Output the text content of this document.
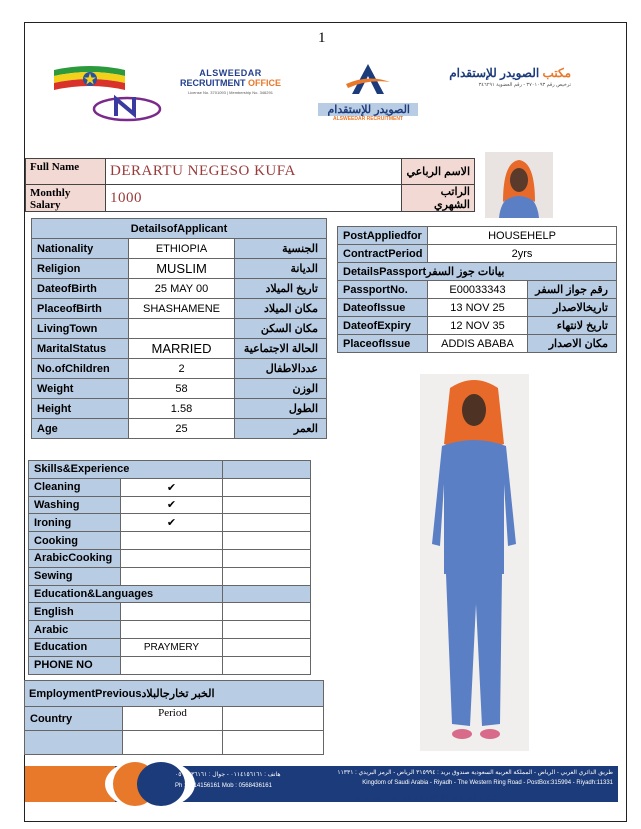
1
ALSWEEDAR
RECRUITMENT OFFICE
License No. 3701093 | Membership No. 346291
الصويدر للإستقدام
ALSWEEDAR RECRUITMENT
مكتب الصويدر للإستقدام
ترخيص رقم ٣٧٠١٠٩٣ - رقم العضوية ٣٤٦٢٩١
Full Name	DERARTU NEGESO KUFA	الاسم الرباعي
Monthly Salary	1000	الراتب الشهري
DetailsofApplicant		
Nationality	ETHIOPIA	الجنسية
Religion	MUSLIM	الديانة
DateofBirth	25 MAY 00	تاريخ الميلاد
PlaceofBirth	SHASHAMENE	مكان الميلاد
LivingTown		مكان السكن
MaritalStatus	MARRIED	الحالة الاجتماعية
No.ofChildren	2	عددالاطفال
Weight	58	الوزن
Height	1.58	الطول
Age	25	العمر
PostAppliedfor	HOUSEHELP	
ContractPeriod	2yrs	
DetailsPassportبيانات جوز السفر		
PassportNo.	E00033343	رقم جواز السفر
DateofIssue	13 NOV 25	تاريخالاصدار
DateofExpiry	12 NOV 35	تاريخ لانتهاء
PlaceofIssue	ADDIS ABABA	مكان الاصدار
Skills&Experience		
Cleaning	✔	
Washing	✔	
Ironing	✔	
Cooking		
ArabicCooking		
Sewing		
Education&Languages		
English		
Arabic		
Education	PRAYMERY	
PHONE NO		
EmploymentPreviousالخبر تخارجالبلاد		
Country	Period	

هاتف : ٠١١٤١٥٦١٦١ - جوال : ٠٥٦٨٤٣٦١٦١
Ph : 0114156161 Mob : 0568436161
طريق الدائري الغربي - الرياض - المملكة العربية السعودية صندوق بريد : ٣١٥٩٩٤ الرياض - الرمز البريدي : ١١٣٣١
Kingdom of Saudi Arabia - Riyadh - The Western Ring Road - PostBox:315994 - Riyadh:11331
e-mail: alssuaydr@gmail.com
